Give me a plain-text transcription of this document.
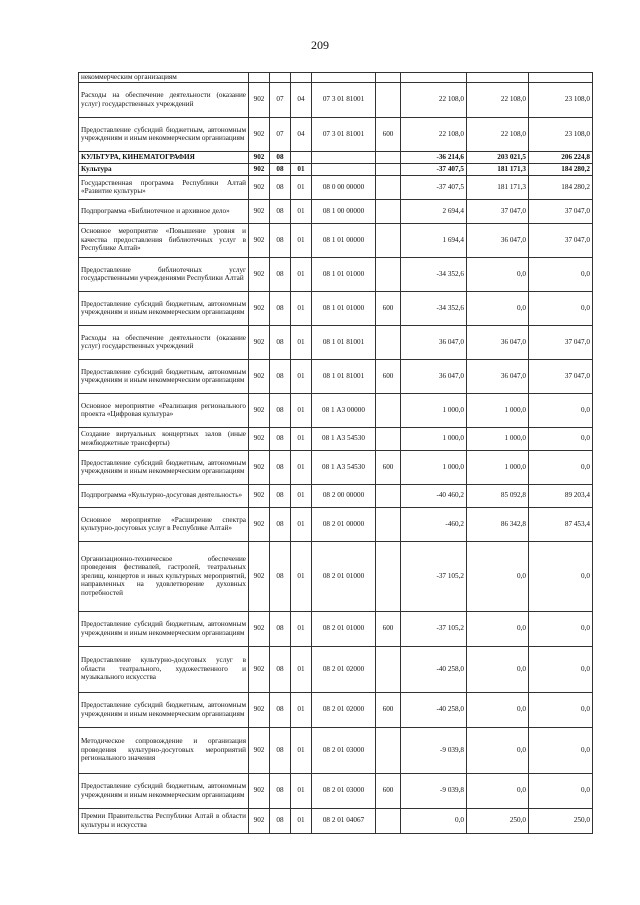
209
некоммерческим организациям								
Расходы на обеспечение деятельности (оказание услуг) государственных учреждений	902	07	04	07 3 01 81001		22 108,0	22 108,0	23 108,0
Предоставление субсидий бюджетным, автономным учреждениям и иным некоммерческим организациям	902	07	04	07 3 01 81001	600	22 108,0	22 108,0	23 108,0
КУЛЬТУРА, КИНЕМАТОГРАФИЯ	902	08				-36 214,6	203 021,5	206 224,8
Культура	902	08	01			-37 407,5	181 171,3	184 280,2
Государственная программа Республики Алтай «Развитие культуры»	902	08	01	08 0 00 00000		-37 407,5	181 171,3	184 280,2
Подпрограмма «Библиотечное и архивное дело»	902	08	01	08 1 00 00000		2 694,4	37 047,0	37 047,0
Основное мероприятие «Повышение уровня и качества предоставления библиотечных услуг в Республике Алтай»	902	08	01	08 1 01 00000		1 694,4	36 047,0	37 047,0
Предоставление библиотечных услуг государственными учреждениями Республики Алтай	902	08	01	08 1 01 01000		-34 352,6	0,0	0,0
Предоставление субсидий бюджетным, автономным учреждениям и иным некоммерческим организациям	902	08	01	08 1 01 01000	600	-34 352,6	0,0	0,0
Расходы на обеспечение деятельности (оказание услуг) государственных учреждений	902	08	01	08 1 01 81001		36 047,0	36 047,0	37 047,0
Предоставление субсидий бюджетным, автономным учреждениям и иным некоммерческим организациям	902	08	01	08 1 01 81001	600	36 047,0	36 047,0	37 047,0
Основное мероприятие «Реализация регионального проекта «Цифровая культура»	902	08	01	08 1 А3 00000		1 000,0	1 000,0	0,0
Создание виртуальных концертных залов (иные межбюджетные трансферты)	902	08	01	08 1 А3 54530		1 000,0	1 000,0	0,0
Предоставление субсидий бюджетным, автономным учреждениям и иным некоммерческим организациям	902	08	01	08 1 А3 54530	600	1 000,0	1 000,0	0,0
Подпрограмма «Культурно-досуговая деятельность»	902	08	01	08 2 00 00000		-40 460,2	85 092,8	89 203,4
Основное мероприятие «Расширение спектра культурно-досуговых услуг в Республике Алтай»	902	08	01	08 2 01 00000		-460,2	86 342,8	87 453,4
Организационно-техническое обеспечение проведения фестивалей, гастролей, театральных зрелищ, концертов и иных культурных мероприятий, направленных на удовлетворение духовных потребностей	902	08	01	08 2 01 01000		-37 105,2	0,0	0,0
Предоставление субсидий бюджетным, автономным учреждениям и иным некоммерческим организациям	902	08	01	08 2 01 01000	600	-37 105,2	0,0	0,0
Предоставление культурно-досуговых услуг в области театрального, художественного и музыкального искусства	902	08	01	08 2 01 02000		-40 258,0	0,0	0,0
Предоставление субсидий бюджетным, автономным учреждениям и иным некоммерческим организациям	902	08	01	08 2 01 02000	600	-40 258,0	0,0	0,0
Методическое сопровождение и организация проведения культурно-досуговых мероприятий регионального значения	902	08	01	08 2 01 03000		-9 039,8	0,0	0,0
Предоставление субсидий бюджетным, автономным учреждениям и иным некоммерческим организациям	902	08	01	08 2 01 03000	600	-9 039,8	0,0	0,0
Премии Правительства Республики Алтай в области культуры и искусства	902	08	01	08 2 01 04067		0,0	250,0	250,0
